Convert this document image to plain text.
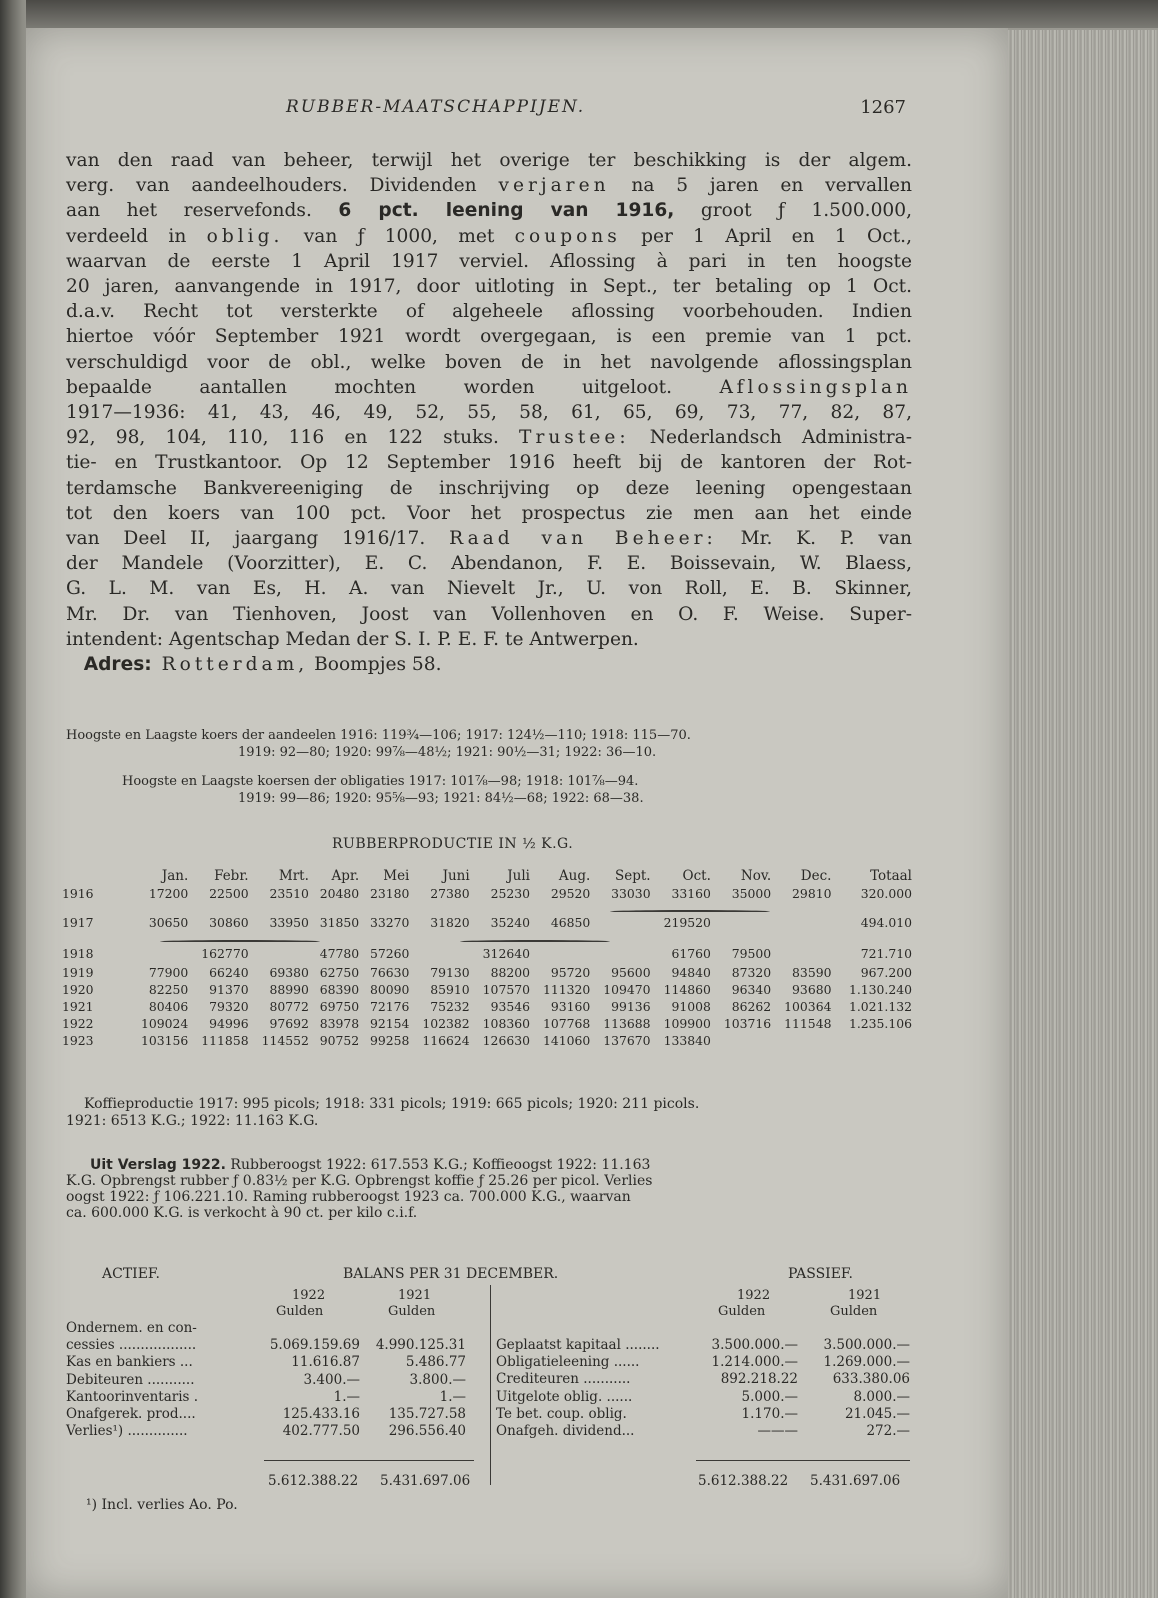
RUBBER-MAATSCHAPPIJEN.	1267

van den raad van beheer, terwijl het overige ter beschikking is der algem.
verg. van aandeelhouders. Dividenden verjaren na 5 jaren en vervallen
aan het reservefonds. 6 pct. leening van 1916, groot ƒ 1.500.000,
verdeeld in oblig. van ƒ 1000, met coupons per 1 April en 1 Oct.,
waarvan de eerste 1 April 1917 verviel. Aflossing à pari in ten hoogste
20 jaren, aanvangende in 1917, door uitloting in Sept., ter betaling op 1 Oct.
d.a.v. Recht tot versterkte of algeheele aflossing voorbehouden. Indien
hiertoe vóór September 1921 wordt overgegaan, is een premie van 1 pct.
verschuldigd voor de obl., welke boven de in het navolgende aflossingsplan
bepaalde aantallen mochten worden uitgeloot. Aflossingsplan
1917—1936: 41, 43, 46, 49, 52, 55, 58, 61, 65, 69, 73, 77, 82, 87,
92, 98, 104, 110, 116 en 122 stuks. Trustee: Nederlandsch Administra-
tie- en Trustkantoor. Op 12 September 1916 heeft bij de kantoren der Rot-
terdamsche Bankvereeniging de inschrijving op deze leening opengestaan
tot den koers van 100 pct. Voor het prospectus zie men aan het einde
van Deel II, jaargang 1916/17. Raad van Beheer: Mr. K. P. van
der Mandele (Voorzitter), E. C. Abendanon, F. E. Boissevain, W. Blaess,
G. L. M. van Es, H. A. van Nievelt Jr., U. von Roll, E. B. Skinner,
Mr. Dr. van Tienhoven, Joost van Vollenhoven en O. F. Weise. Super-
intendent: Agentschap Medan der S. I. P. E. F. te Antwerpen.
Adres: Rotterdam, Boompjes 58.

Hoogste en Laagste koers der aandeelen 1916: 119¾—106; 1917: 124½—110; 1918: 115—70.
1919: 92—80; 1920: 99⅞—48½; 1921: 90½—31; 1922: 36—10.
Hoogste en Laagste koersen der obligaties 1917: 101⅞—98; 1918: 101⅞—94.
1919: 99—86; 1920: 95⅝—93; 1921: 84½—68; 1922: 68—38.
RUBBERPRODUCTIE IN ½ K.G.
	Jan.	Febr.	Mrt.	Apr.	Mei	Juni	Juli	Aug.	Sept.	Oct.	Nov.	Dec.	Totaal
1916	17200	22500	23510	20480	23180	27380	25230	29520	33030	33160	35000	29810	320.000
1917	30650	30860	33950	31850	33270	31820	35240	46850		219520			494.010
1918		162770		47780	57260		312640			61760	79500		721.710
1919	77900	66240	69380	62750	76630	79130	88200	95720	95600	94840	87320	83590	967.200
1920	82250	91370	88990	68390	80090	85910	107570	111320	109470	114860	96340	93680	1.130.240
1921	80406	79320	80772	69750	72176	75232	93546	93160	99136	91008	86262	100364	1.021.132
1922	109024	94996	97692	83978	92154	102382	108360	107768	113688	109900	103716	111548	1.235.106
1923	103156	111858	114552	90752	99258	116624	126630	141060	137670	133840			
Koffieproductie 1917: 995 picols; 1918: 331 picols; 1919: 665 picols; 1920: 211 picols.
1921: 6513 K.G.; 1922: 11.163 K.G.
Uit Verslag 1922. Rubberoogst 1922: 617.553 K.G.; Koffieoogst 1922: 11.163
K.G. Opbrengst rubber ƒ 0.83½ per K.G. Opbrengst koffie ƒ 25.26 per picol. Verlies
oogst 1922: ƒ 106.221.10. Raming rubberoogst 1923 ca. 700.000 K.G., waarvan
ca. 600.000 K.G. is verkocht à 90 ct. per kilo c.i.f.
ACTIEF.	BALANS PER 31 DECEMBER.	PASSIEF.
1922	1921
Gulden	Gulden
1922	1921
Gulden	Gulden
Ondernem. en con-
cessies ..................	5.069.159.69 4.990.125.31
Kas en bankiers ...	11.616.87	5.486.77
Debiteuren ...........	3.400.—	3.800.—
Kantoorinventaris .	1.—	1.—
Onafgerek. prod....	125.433.16 135.727.58
Verlies¹) ..............	402.777.50 296.556.40
Geplaatst kapitaal ........	3.500.000.— 3.500.000.—
Obligatieleening ......	1.214.000.— 1.269.000.—
Crediteuren ...........	892.218.22	633.380.06
Uitgelote oblig. ......	5.000.—	8.000.—
Te bet. coup. oblig.	1.170.—	21.045.—
Onafgeh. dividend...	———	272.—
5.612.388.22 5.431.697.06	5.612.388.22 5.431.697.06
¹) Incl. verlies Ao. Po.
